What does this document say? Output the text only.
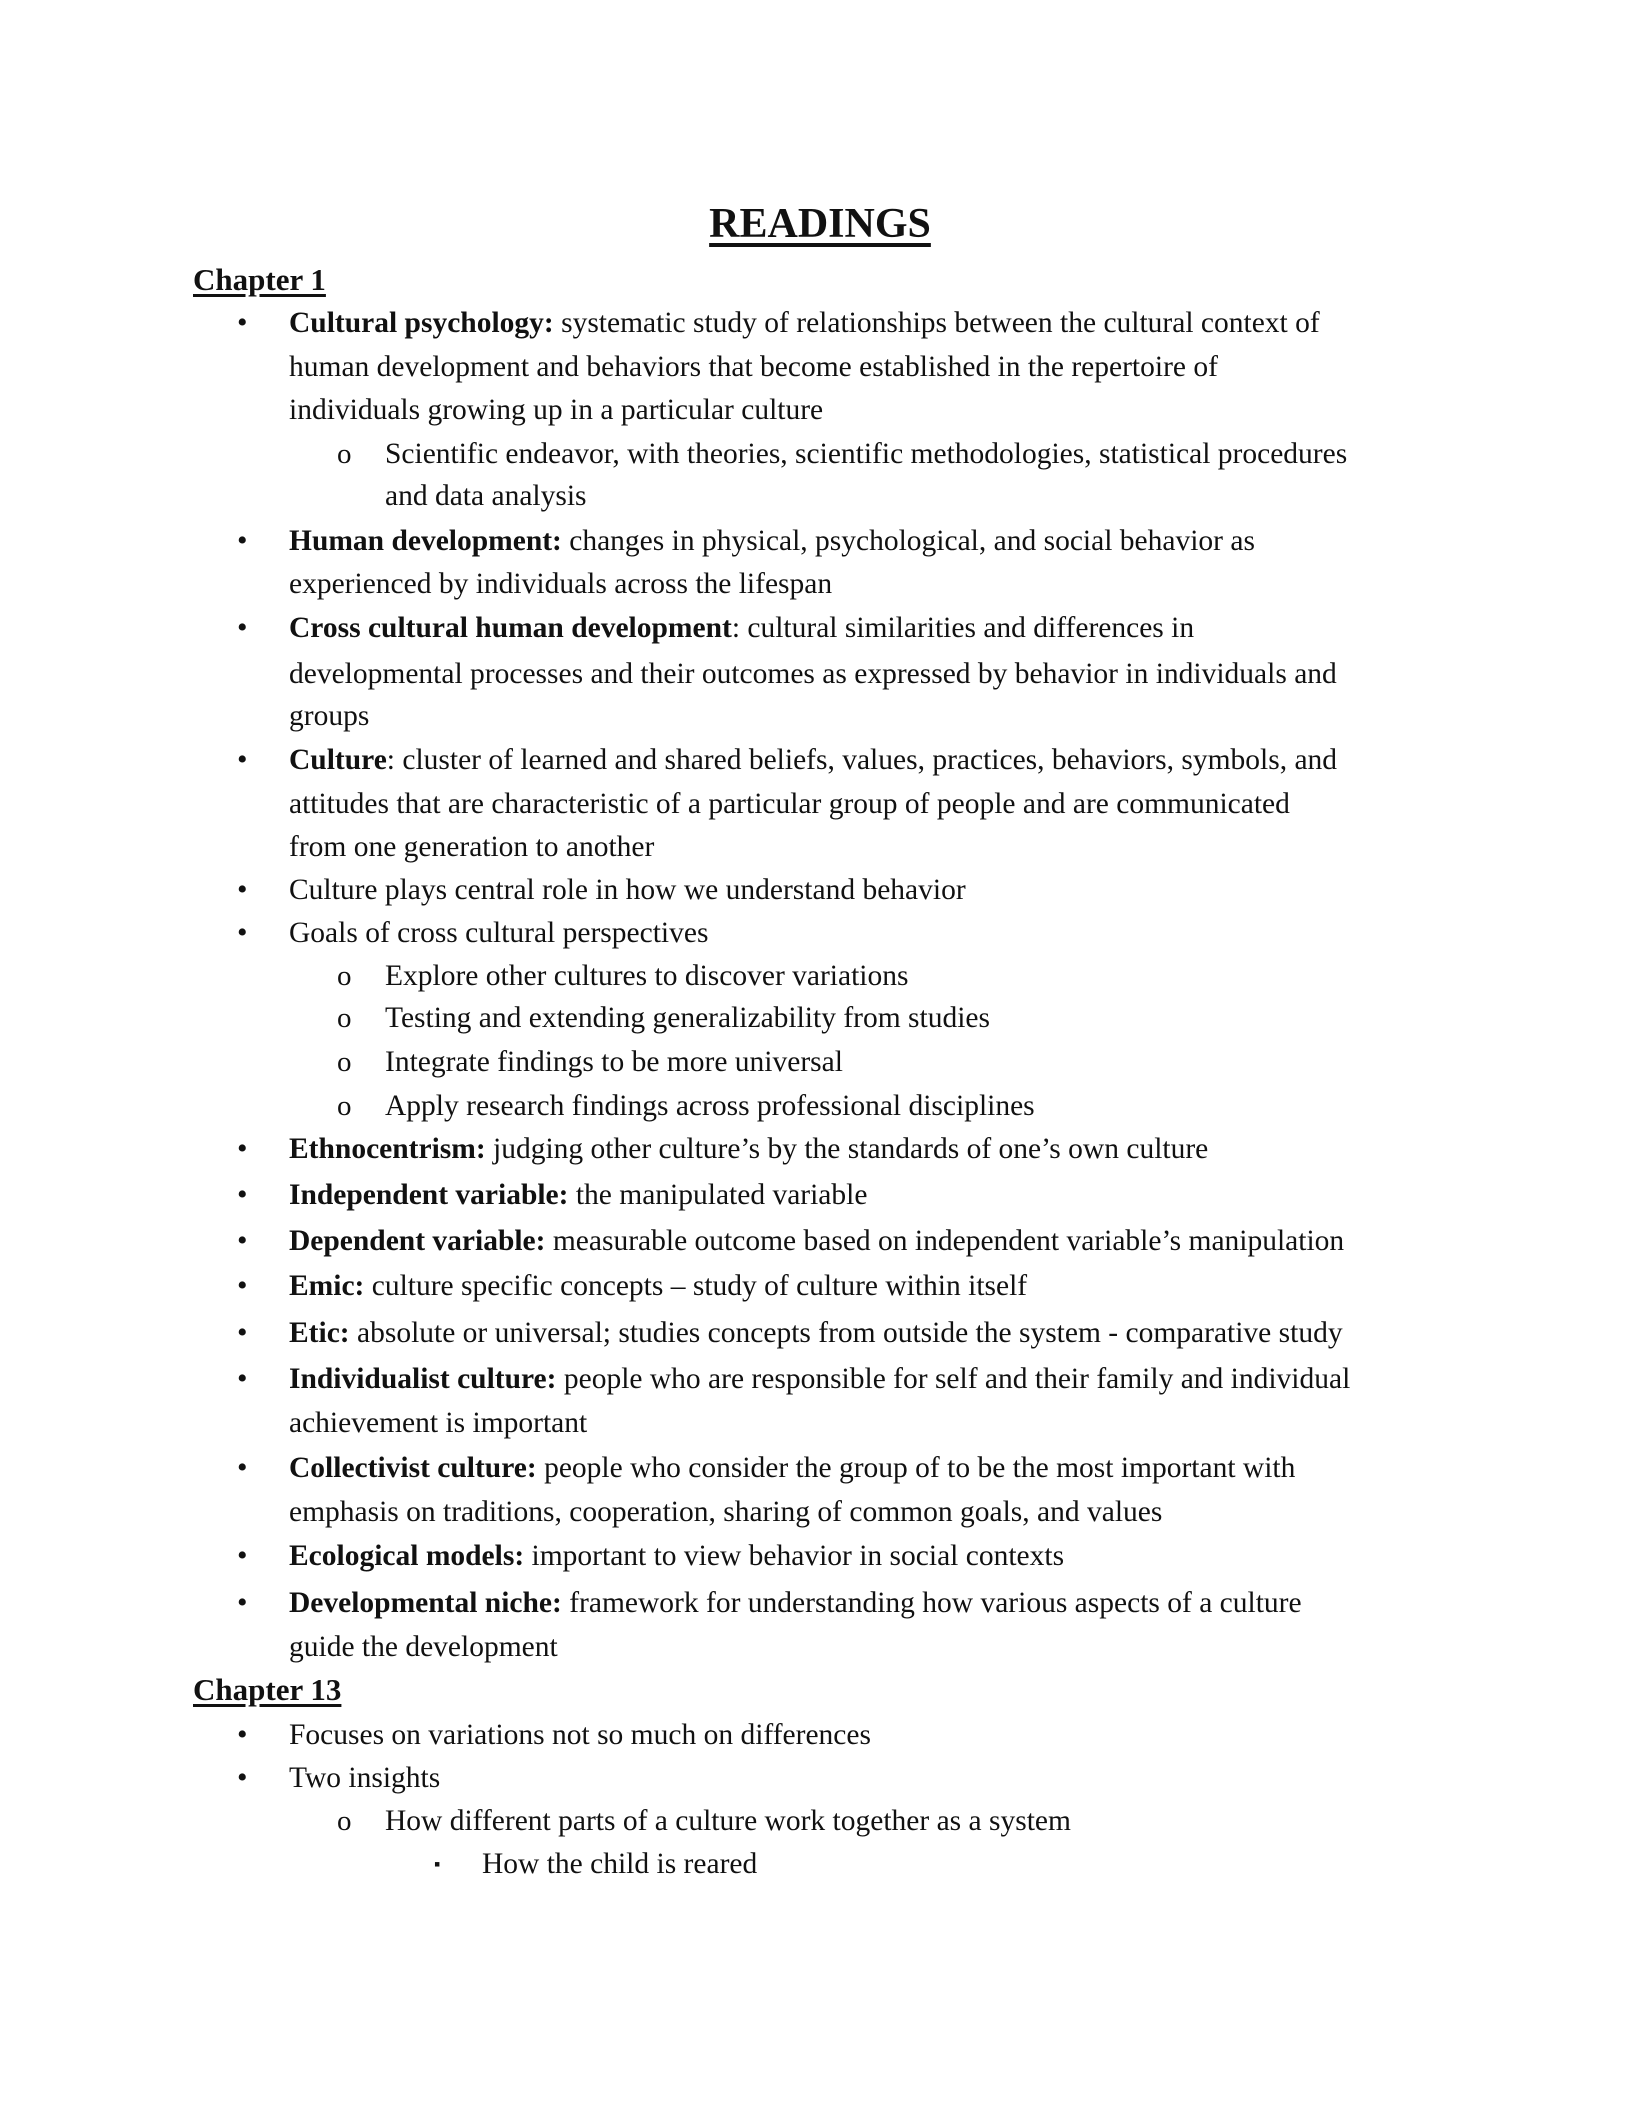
READINGS
Chapter 1
• Cultural psychology: systematic study of relationships between the cultural context of
human development and behaviors that become established in the repertoire of
individuals growing up in a particular culture
o Scientific endeavor, with theories, scientific methodologies, statistical procedures
and data analysis
• Human development: changes in physical, psychological, and social behavior as
experienced by individuals across the lifespan
• Cross cultural human development: cultural similarities and differences in
developmental processes and their outcomes as expressed by behavior in individuals and
groups
• Culture: cluster of learned and shared beliefs, values, practices, behaviors, symbols, and
attitudes that are characteristic of a particular group of people and are communicated
from one generation to another
• Culture plays central role in how we understand behavior
• Goals of cross cultural perspectives
o Explore other cultures to discover variations
o Testing and extending generalizability from studies
o Integrate findings to be more universal
o Apply research findings across professional disciplines
• Ethnocentrism: judging other culture’s by the standards of one’s own culture
• Independent variable: the manipulated variable
• Dependent variable: measurable outcome based on independent variable’s manipulation
• Emic: culture specific concepts – study of culture within itself
• Etic: absolute or universal; studies concepts from outside the system - comparative study
• Individualist culture: people who are responsible for self and their family and individual
achievement is important
• Collectivist culture: people who consider the group of to be the most important with
emphasis on traditions, cooperation, sharing of common goals, and values
• Ecological models: important to view behavior in social contexts
• Developmental niche: framework for understanding how various aspects of a culture
guide the development
Chapter 13
• Focuses on variations not so much on differences
• Two insights
o How different parts of a culture work together as a system
▪ How the child is reared
